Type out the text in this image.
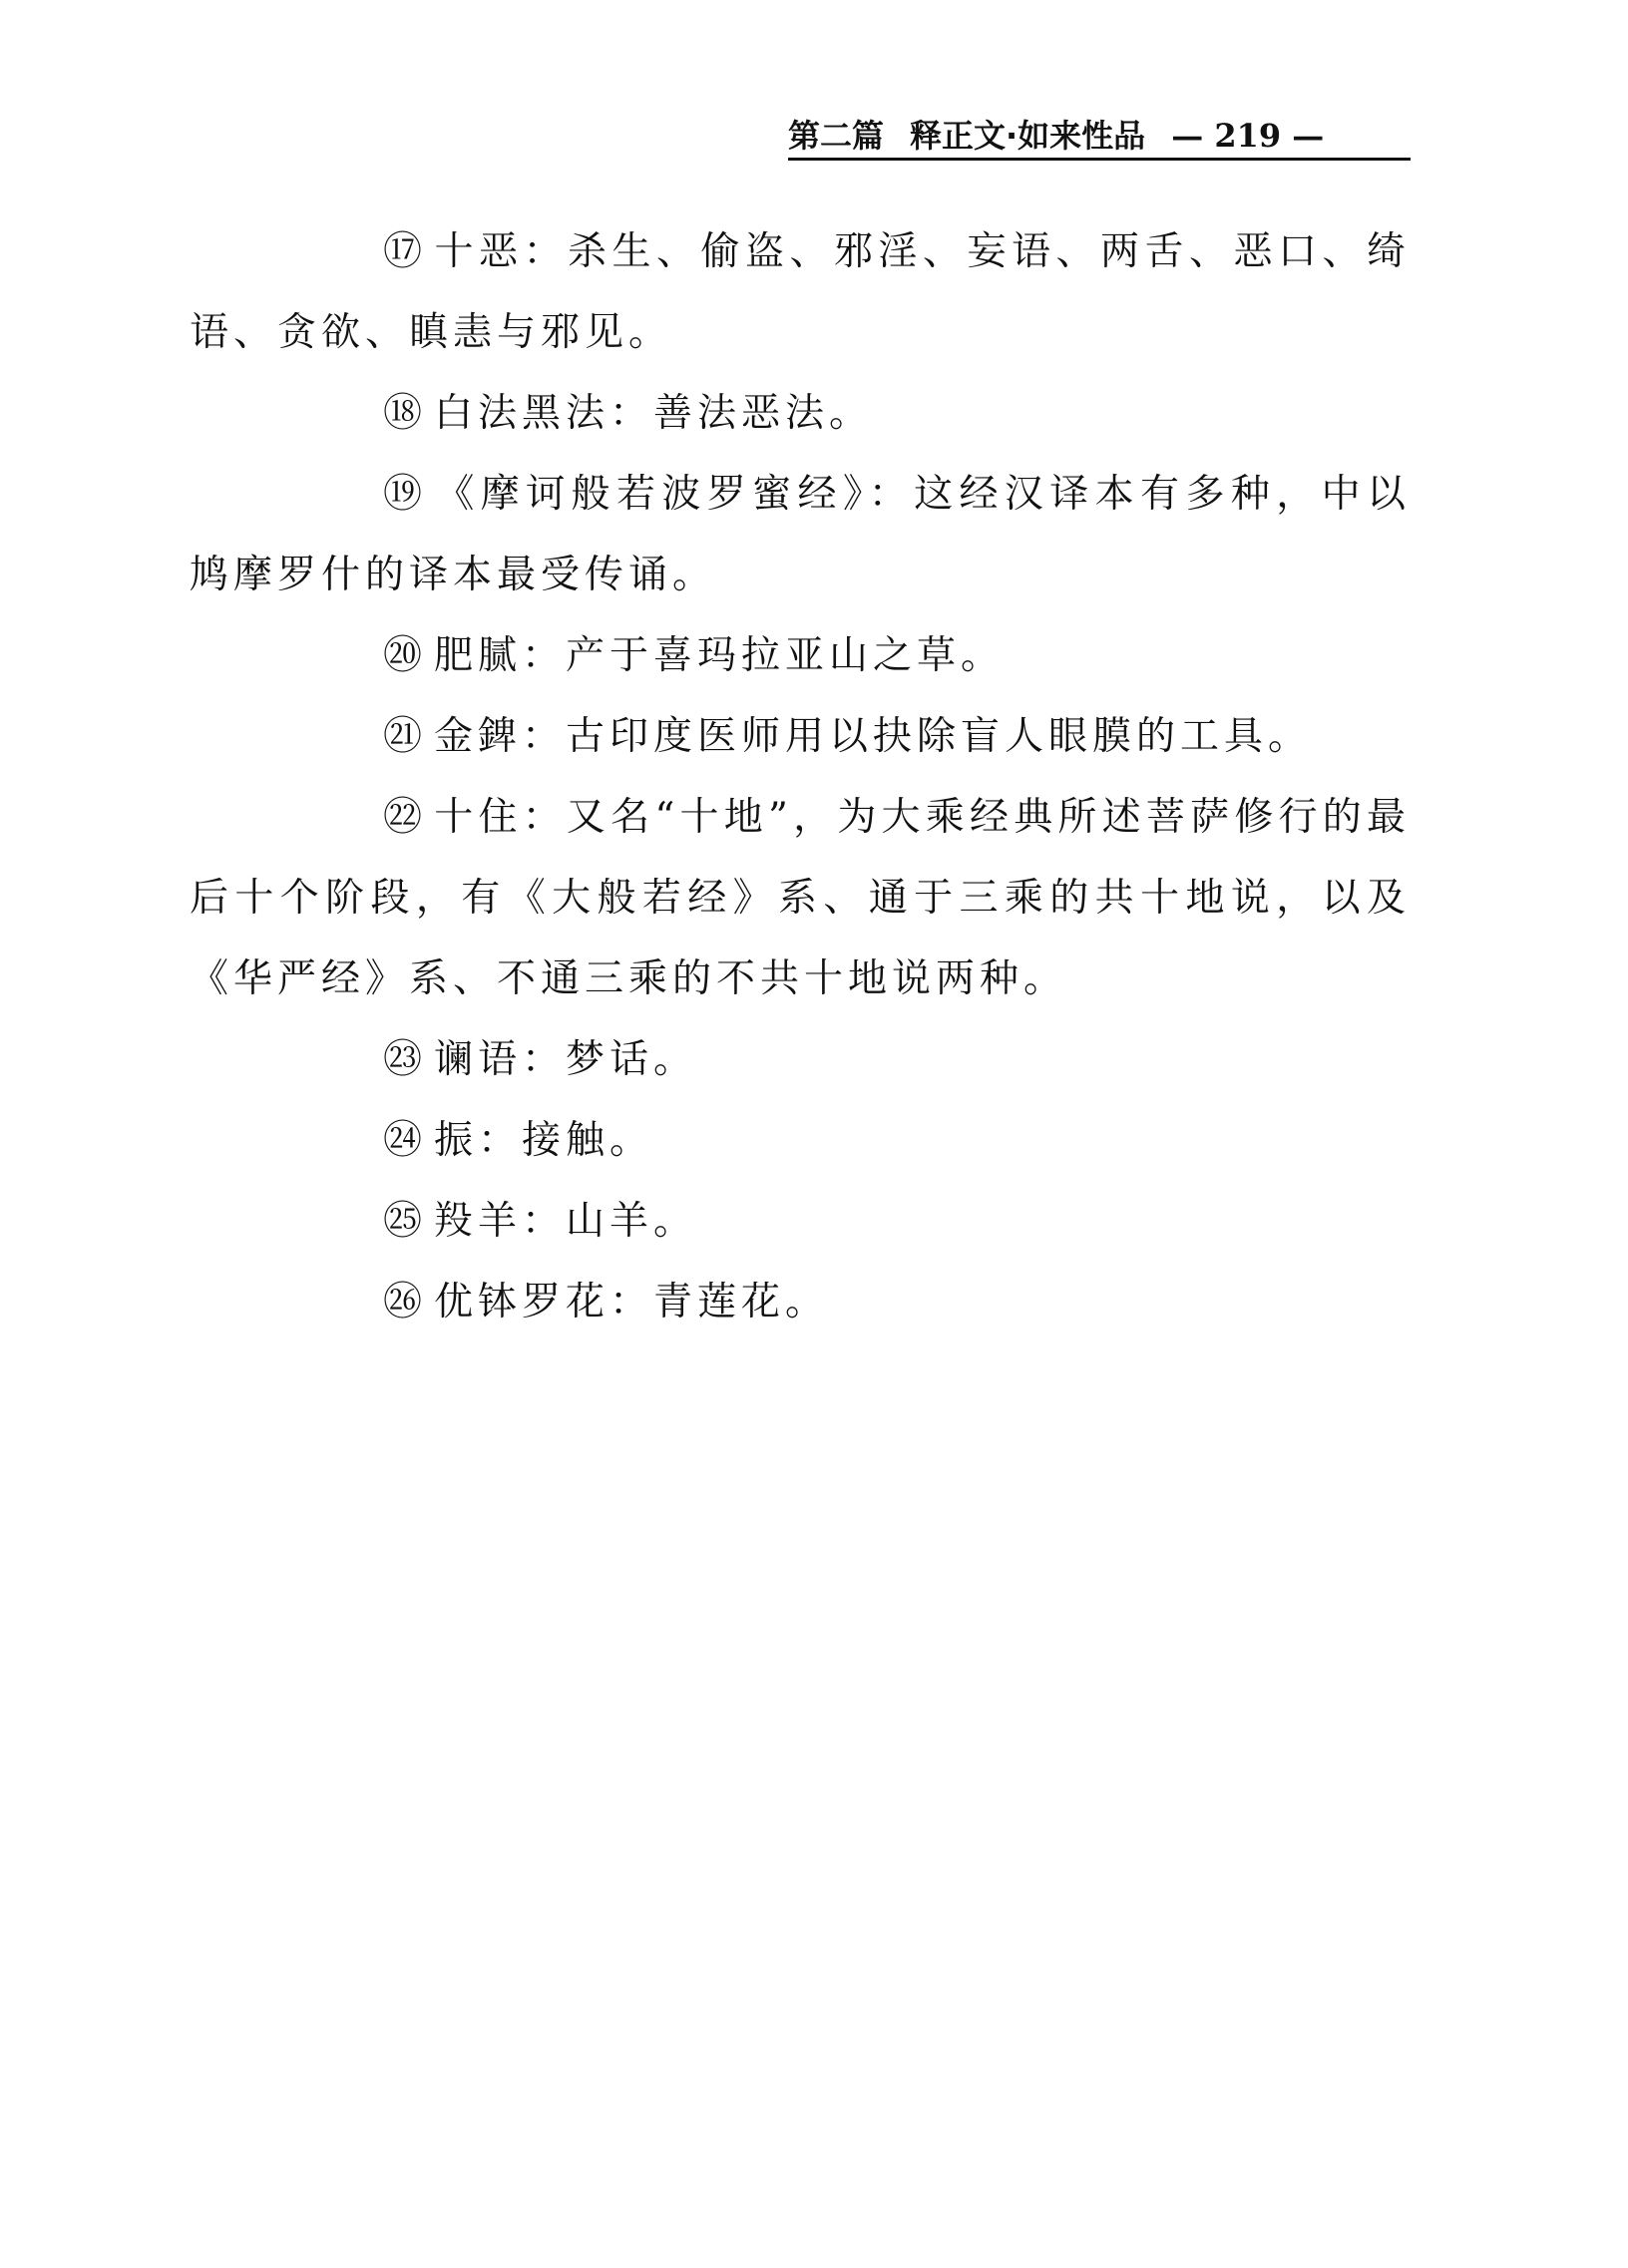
第二篇 释正文·如来性品 — 219 —

⑰ 十恶：杀生、偷盗、邪淫、妄语、两舌、恶口、绮语、贪欲、瞋恚与邪见。

⑱ 白法黑法：善法恶法。

⑲ 《摩诃般若波罗蜜经》：这经汉译本有多种，中以鸠摩罗什的译本最受传诵。

⑳ 肥腻：产于喜玛拉亚山之草。

㉑ 金錍：古印度医师用以抉除盲人眼膜的工具。

㉒ 十住：又名“十地”，为大乘经典所述菩萨修行的最后十个阶段，有《大般若经》系、通于三乘的共十地说，以及《华严经》系、不通三乘的不共十地说两种。

㉓ 谰语：梦话。

㉔ 振：接触。

㉕ 羖羊：山羊。

㉖ 优钵罗花：青莲花。
